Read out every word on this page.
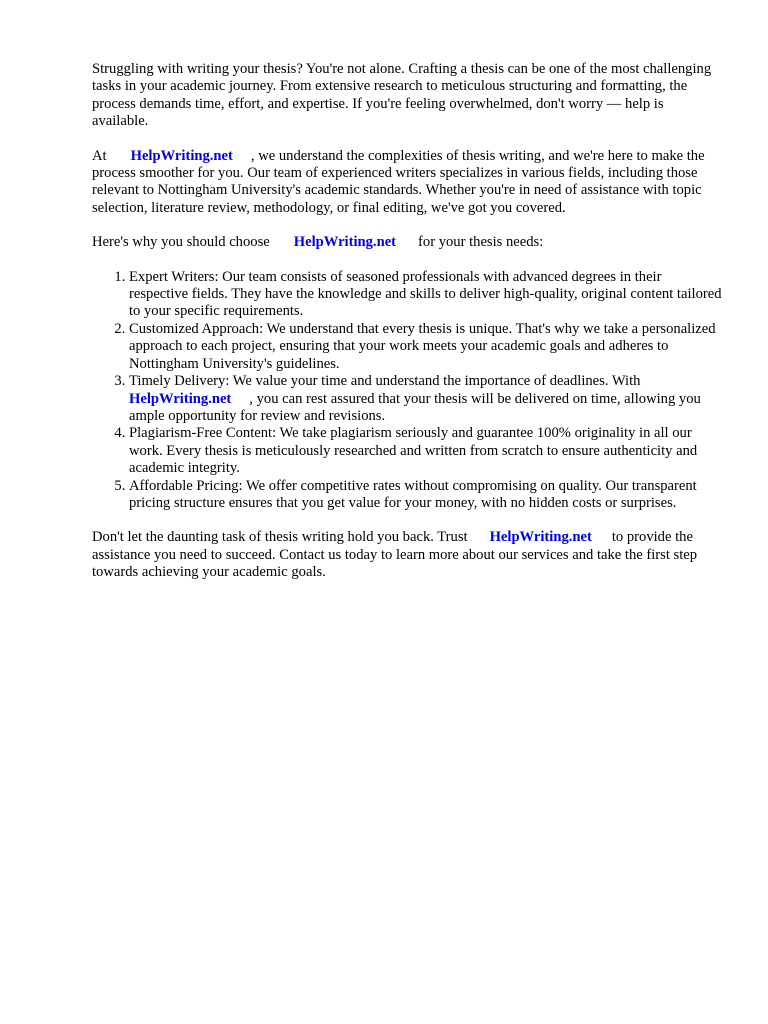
Struggling with writing your thesis? You're not alone. Crafting a thesis can be one of the most challenging tasks in your academic journey. From extensive research to meticulous structuring and formatting, the process demands time, effort, and expertise. If you're feeling overwhelmed, don't worry — help is available.

At HelpWriting.net , we understand the complexities of thesis writing, and we're here to make the process smoother for you. Our team of experienced writers specializes in various fields, including those relevant to Nottingham University's academic standards. Whether you're in need of assistance with topic selection, literature review, methodology, or final editing, we've got you covered.

Here's why you should choose HelpWriting.net for your thesis needs:

1. Expert Writers: Our team consists of seasoned professionals with advanced degrees in their respective fields. They have the knowledge and skills to deliver high-quality, original content tailored to your specific requirements.
2. Customized Approach: We understand that every thesis is unique. That's why we take a personalized approach to each project, ensuring that your work meets your academic goals and adheres to Nottingham University's guidelines.
3. Timely Delivery: We value your time and understand the importance of deadlines. With
HelpWriting.net , you can rest assured that your thesis will be delivered on time, allowing you ample opportunity for review and revisions.
4. Plagiarism-Free Content: We take plagiarism seriously and guarantee 100% originality in all our work. Every thesis is meticulously researched and written from scratch to ensure authenticity and academic integrity.
5. Affordable Pricing: We offer competitive rates without compromising on quality. Our transparent pricing structure ensures that you get value for your money, with no hidden costs or surprises.

Don't let the daunting task of thesis writing hold you back. Trust HelpWriting.net to provide the assistance you need to succeed. Contact us today to learn more about our services and take the first step towards achieving your academic goals.
